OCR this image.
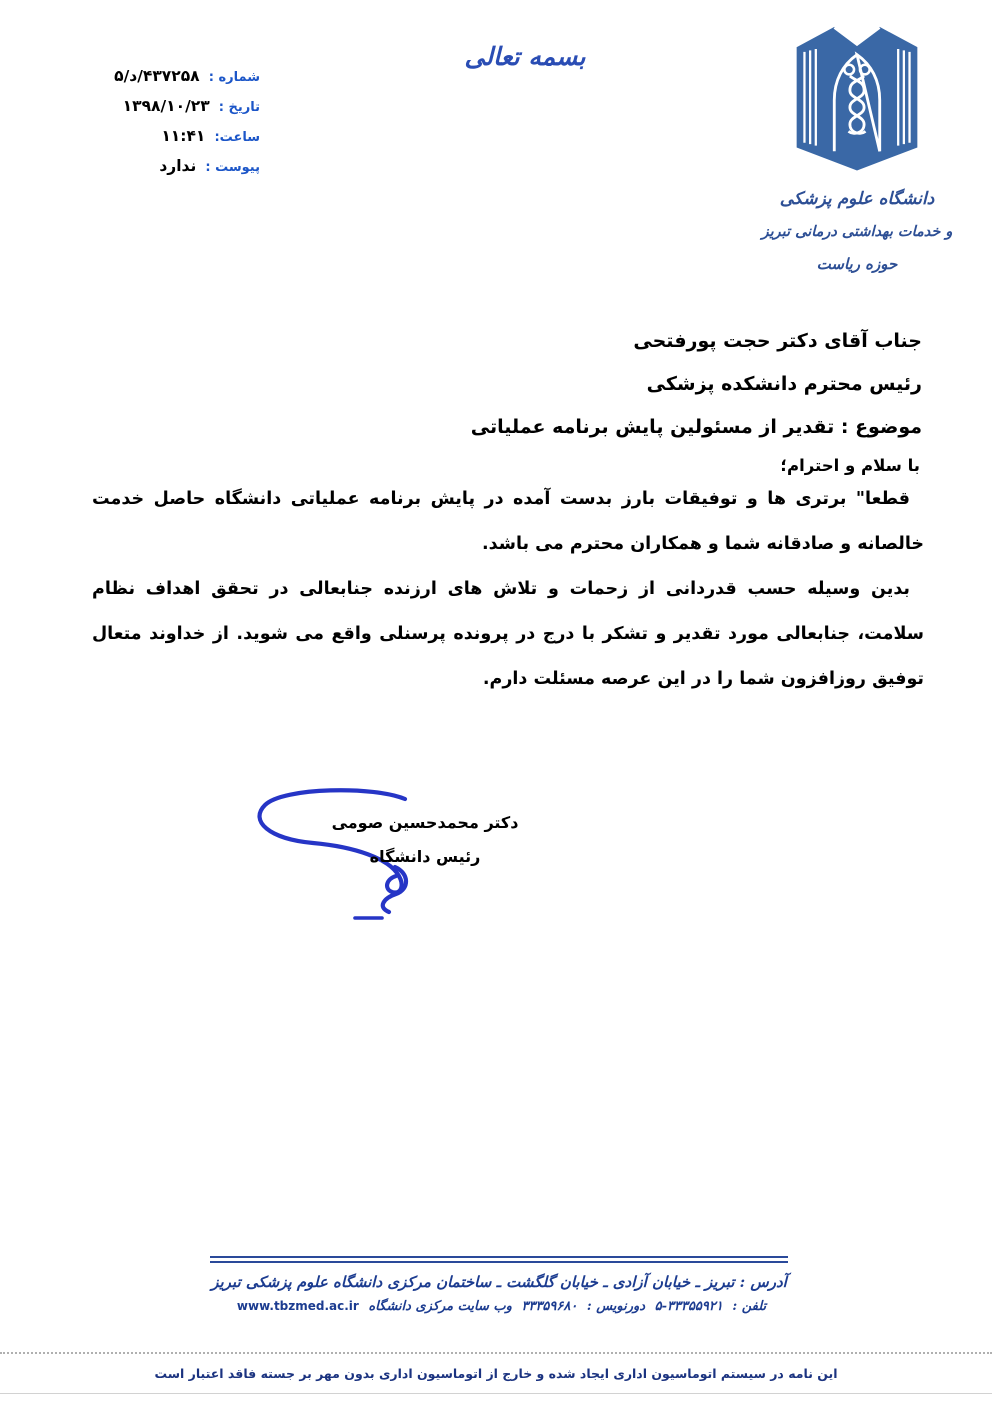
شماره : ۴۳۷۲۵۸/د/۵
تاریخ : ۱۳۹۸/۱۰/۲۳
ساعت: ۱۱:۴۱
پیوست : ندارد
بسمه تعالی
دانشگاه علوم پزشکی
و خدمات بهداشتی درمانی تبریز
حوزه ریاست
جناب آقای دکتر حجت پورفتحی
رئیس محترم دانشکده پزشکی
موضوع : تقدیر از مسئولین پایش برنامه عملیاتی
با سلام و احترام؛

قطعا" برتری ها و توفیقات بارز بدست آمده در پایش برنامه عملیاتی دانشگاه حاصل خدمت خالصانه و صادقانه شما و همکاران محترم می باشد.

بدین وسیله حسب قدردانی از زحمات و تلاش های ارزنده جنابعالی در تحقق اهداف نظام سلامت، جنابعالی مورد تقدیر و تشکر با درج در پرونده پرسنلی واقع می شوید. از خداوند متعال توفیق روزافزون شما را در این عرصه مسئلت دارم.

دکتر محمدحسین صومی
رئیس دانشگاه
آدرس : تبریز ـ خیابان آزادی ـ خیابان گلگشت ـ ساختمان مرکزی دانشگاه علوم پزشکی تبریز
تلفن : ۳۳۳۵۵۹۲۱-۵ دورنویس : ۳۳۳۵۹۶۸۰ وب سایت مرکزی دانشگاه www.tbzmed.ac.ir
این نامه در سیستم اتوماسیون اداری ایجاد شده و خارج از اتوماسیون اداری بدون مهر بر جسته فاقد اعتبار است
